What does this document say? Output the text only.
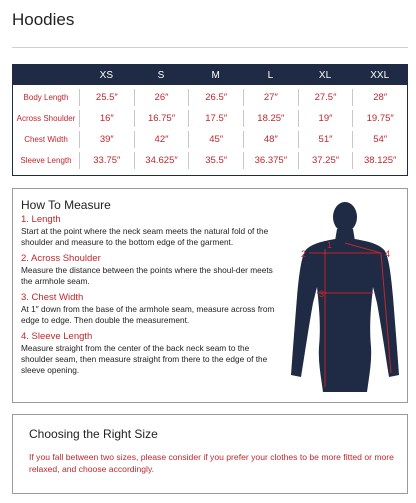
Hoodies
XS	S	M	L	XL	XXL
Body Length	25.5″	26″	26.5″	27″	27.5″	28″
Across Shoulder	16″	16.75″	17.5″	18.25″	19″	19.75″
Chest Width	39″	42″	45″	48″	51″	54″
Sleeve Length	33.75″	34.625″	35.5″	36.375″	37.25″	38.125″
How To Measure
1. Length
Start at the point where the neck seam meets the natural fold of the shoulder and measure to the bottom edge of the garment.
2. Across Shoulder
Measure the distance between the points where the shoul-der meets the armhole seam.
3. Chest Width
At 1″ down from the base of the armhole seam, measure across from edge to edge. Then double the measurement.
4. Sleeve Length
Measure straight from the center of the back neck seam to the shoulder seam, then measure straight from there to the edge of the sleeve opening.
1
2
3
4
Choosing the Right Size
If you fall between two sizes, please consider if you prefer your clothes to be more fitted or more relaxed, and choose accordingly.
